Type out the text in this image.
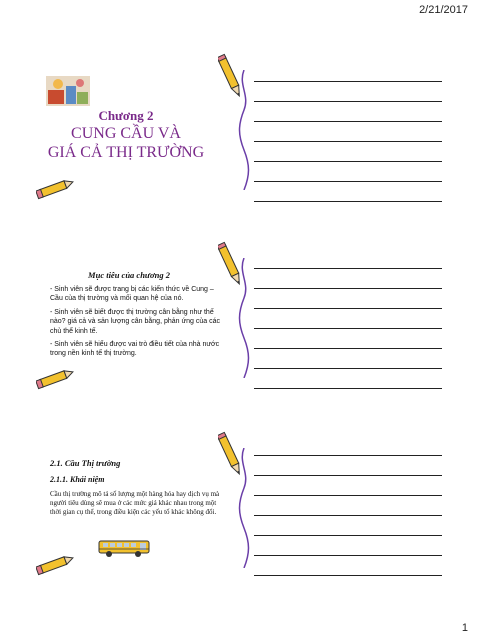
2/21/2017
Chương 2
CUNG CẦU VÀ
GIÁ CẢ THỊ TRƯỜNG
Mục tiêu của chương 2

- Sinh viên sẽ được trang bị các kiến thức về Cung – Cầu của thị trường và mối quan hệ của nó.

- Sinh viên sẽ biết được thị trường cân bằng như thế nào? giá cả và sản lượng cân bằng, phản ứng của các chủ thể kinh tế.

- Sinh viên sẽ hiểu được vai trò điều tiết của nhà nước trong nền kinh tế thị trường.

2.1. Cầu Thị trường
2.1.1. Khái niệm
Cầu thị trường mô tả số lượng một hàng hóa hay dịch vụ mà người tiêu dùng sẽ mua ở các mức giá khác nhau trong một thời gian cụ thể, trong điều kiện các yếu tố khác không đổi.
1
